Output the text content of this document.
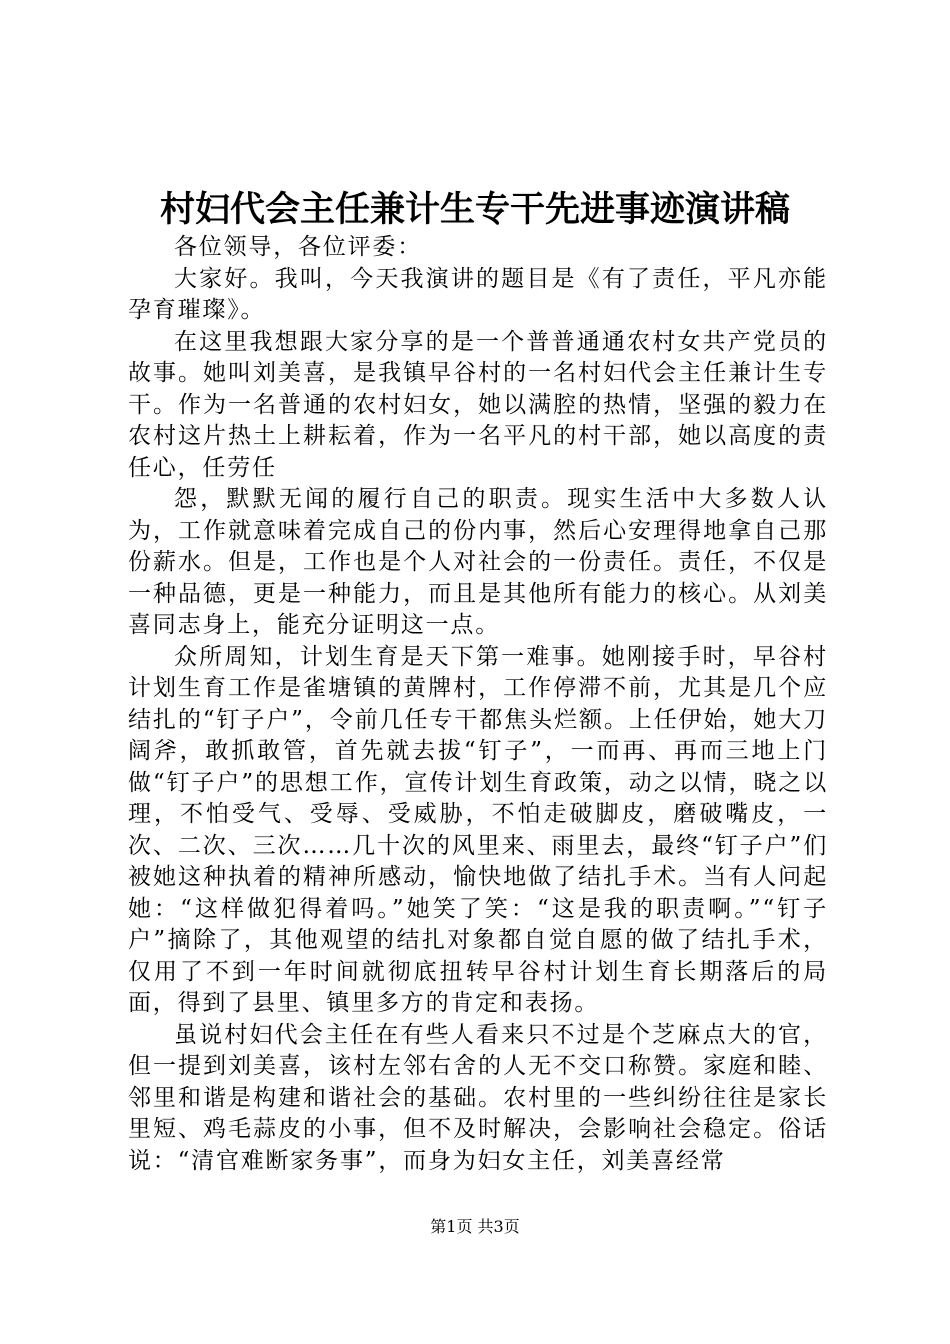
村妇代会主任兼计生专干先进事迹演讲稿

各位领导，各位评委：

大家好。我叫，今天我演讲的题目是《有了责任，平凡亦能孕育璀璨》。

在这里我想跟大家分享的是一个普普通通农村女共产党员的故事。她叫刘美喜，是我镇早谷村的一名村妇代会主任兼计生专干。作为一名普通的农村妇女，她以满腔的热情，坚强的毅力在农村这片热土上耕耘着，作为一名平凡的村干部，她以高度的责任心，任劳任

怨，默默无闻的履行自己的职责。现实生活中大多数人认为，工作就意味着完成自己的份内事，然后心安理得地拿自己那份薪水。但是，工作也是个人对社会的一份责任。责任，不仅是一种品德，更是一种能力，而且是其他所有能力的核心。从刘美喜同志身上，能充分证明这一点。

众所周知，计划生育是天下第一难事。她刚接手时，早谷村计划生育工作是雀塘镇的黄牌村，工作停滞不前，尤其是几个应结扎的“钉子户”，令前几任专干都焦头烂额。上任伊始，她大刀阔斧，敢抓敢管，首先就去拔“钉子”，一而再、再而三地上门做“钉子户”的思想工作，宣传计划生育政策，动之以情，晓之以理，不怕受气、受辱、受威胁，不怕走破脚皮，磨破嘴皮，一次、二次、三次……几十次的风里来、雨里去，最终“钉子户”们被她这种执着的精神所感动，愉快地做了结扎手术。当有人问起她：“这样做犯得着吗。”她笑了笑：“这是我的职责啊。”“钉子户”摘除了，其他观望的结扎对象都自觉自愿的做了结扎手术，仅用了不到一年时间就彻底扭转早谷村计划生育长期落后的局面，得到了县里、镇里多方的肯定和表扬。

虽说村妇代会主任在有些人看来只不过是个芝麻点大的官，但一提到刘美喜，该村左邻右舍的人无不交口称赞。家庭和睦、邻里和谐是构建和谐社会的基础。农村里的一些纠纷往往是家长里短、鸡毛蒜皮的小事，但不及时解决，会影响社会稳定。俗话说：“清官难断家务事”，而身为妇女主任，刘美喜经常

第1页 共3页
